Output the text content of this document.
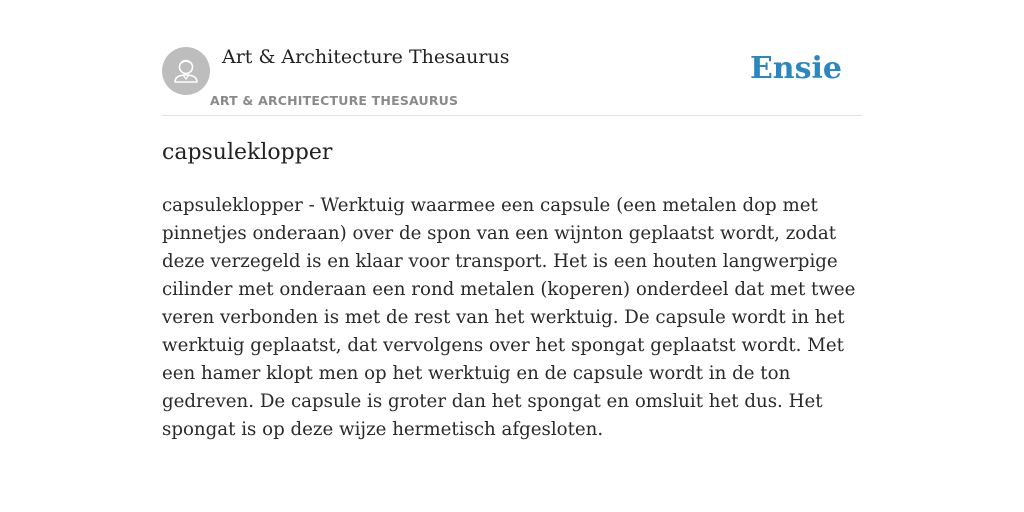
Art & Architecture Thesaurus
ART & ARCHITECTURE THESAURUS
Ensie
capsuleklopper

capsuleklopper - Werktuig waarmee een capsule (een metalen dop met pinnetjes onderaan) over de spon van een wijnton geplaatst wordt, zodat deze verzegeld is en klaar voor transport. Het is een houten langwerpige cilinder met onderaan een rond metalen (koperen) onderdeel dat met twee veren verbonden is met de rest van het werktuig. De capsule wordt in het werktuig geplaatst, dat vervolgens over het spongat geplaatst wordt. Met een hamer klopt men op het werktuig en de capsule wordt in de ton gedreven. De capsule is groter dan het spongat en omsluit het dus. Het spongat is op deze wijze hermetisch afgesloten.
